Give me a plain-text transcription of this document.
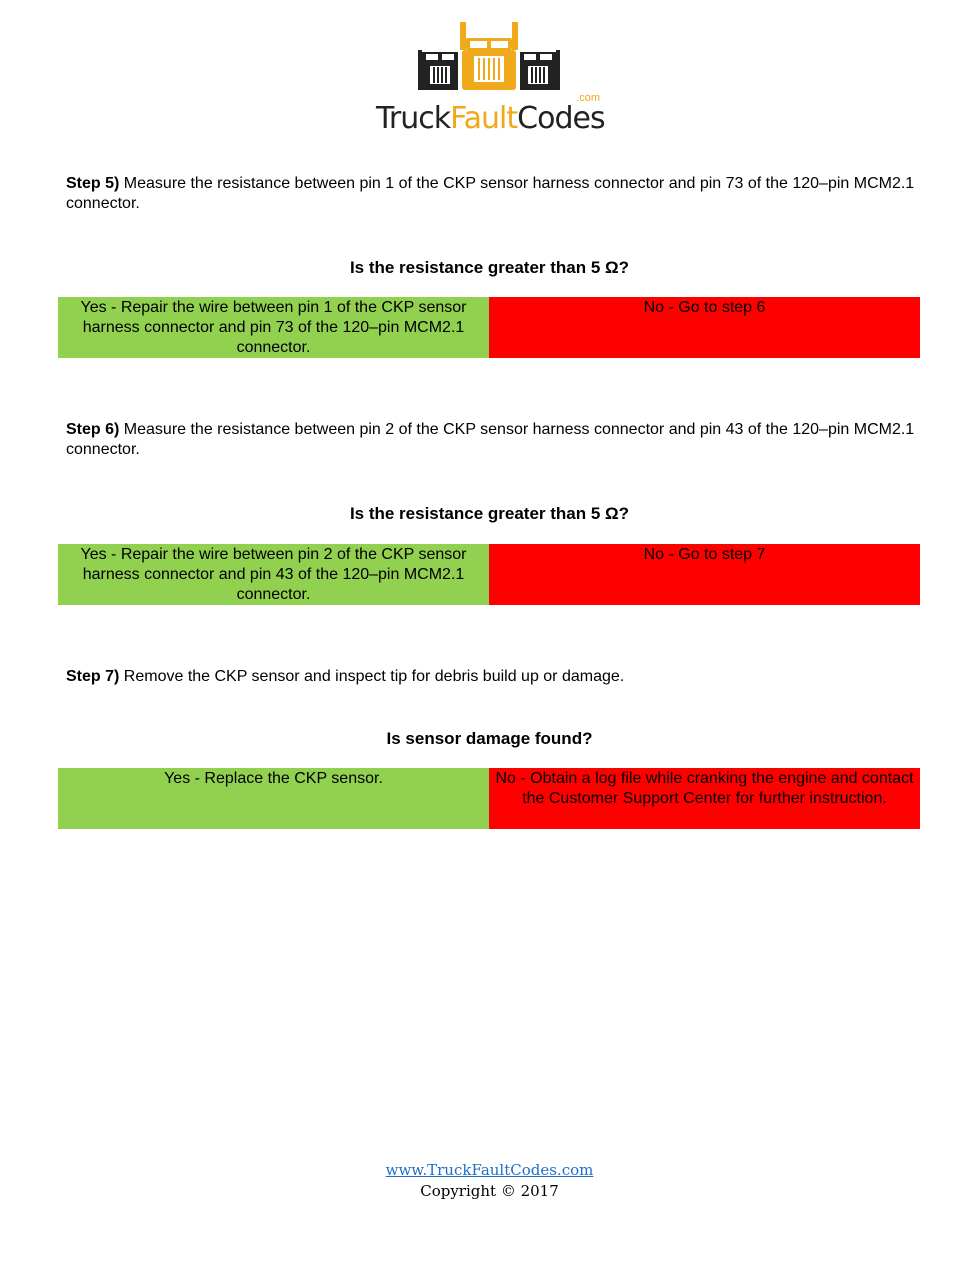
.com
TruckFaultCodes
Step 5) Measure the resistance between pin 1 of the CKP sensor harness connector and pin 73 of the 120–pin MCM2.1 connector.
Is the resistance greater than 5 Ω?
Yes - Repair the wire between pin 1 of the CKP sensor harness connector and pin 73 of the 120–pin MCM2.1 connector.
No - Go to step 6
Step 6) Measure the resistance between pin 2 of the CKP sensor harness connector and pin 43 of the 120–pin MCM2.1 connector.
Is the resistance greater than 5 Ω?
Yes - Repair the wire between pin 2 of the CKP sensor harness connector and pin 43 of the 120–pin MCM2.1 connector.
No - Go to step 7
Step 7) Remove the CKP sensor and inspect tip for debris build up or damage.
Is sensor damage found?
Yes - Replace the CKP sensor.	No - Obtain a log file while cranking the engine and contact the Customer Support Center for further instruction.
www.TruckFaultCodes.com
Copyright © 2017
